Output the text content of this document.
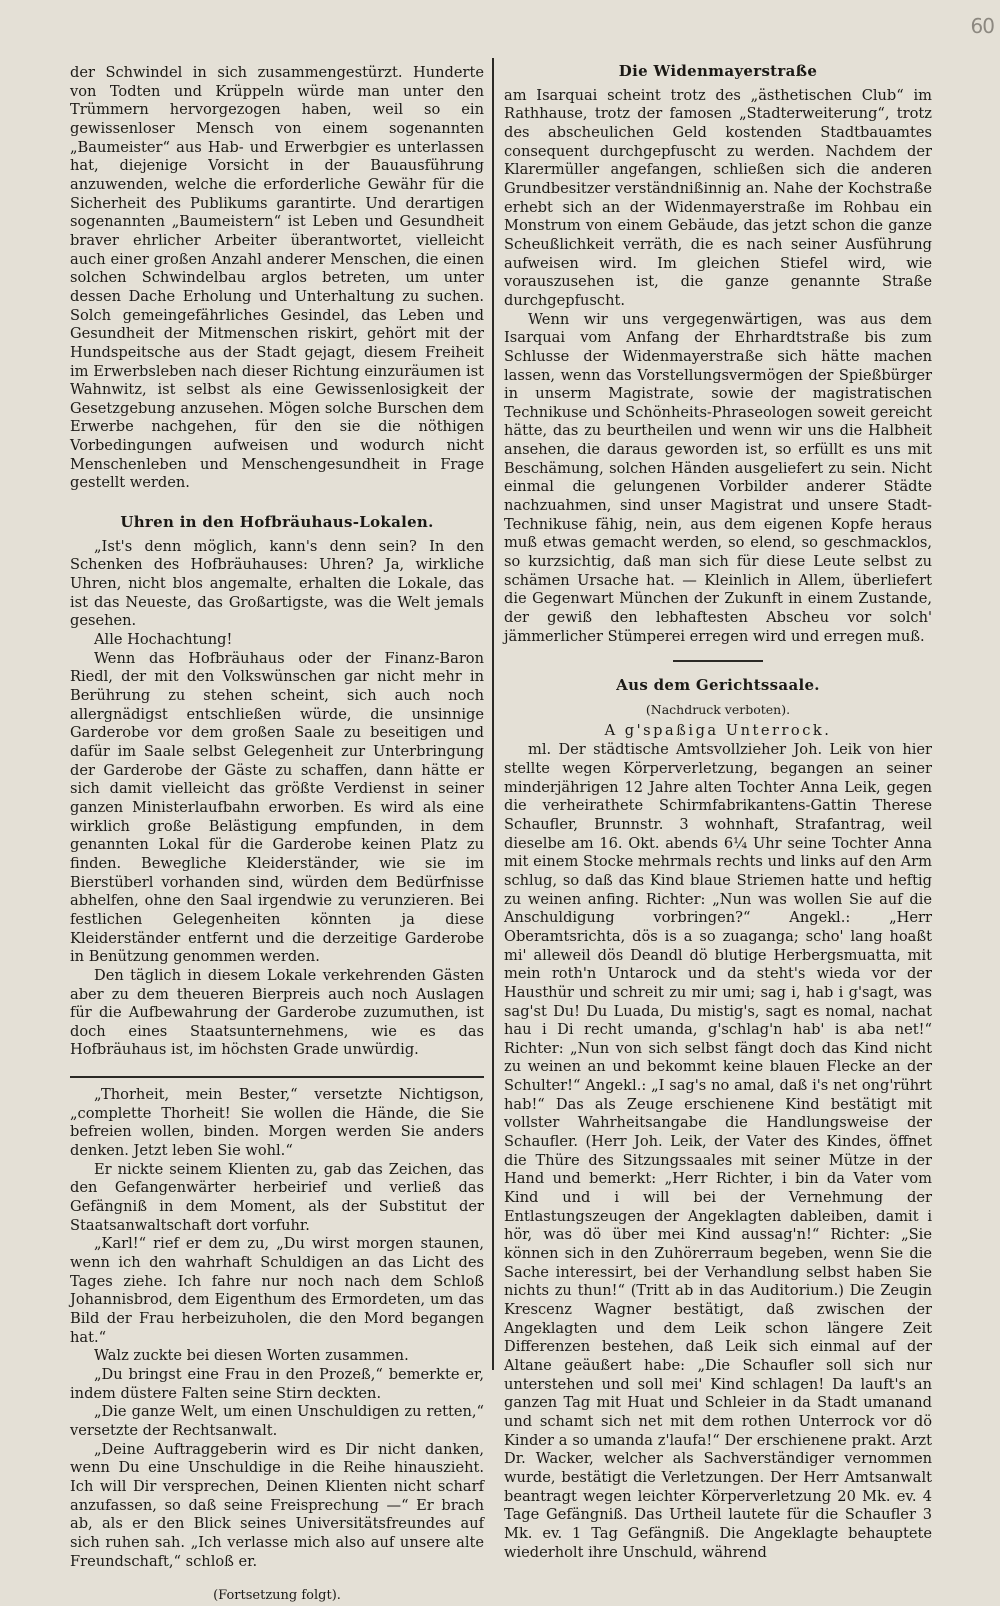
60

der Schwindel in sich zusammengestürzt. Hunderte von Todten und Krüppeln würde man unter den Trümmern hervorgezogen haben, weil so ein gewissenloser Mensch von einem sogenannten „Baumeister“ aus Hab- und Erwerbgier es unterlassen hat, diejenige Vorsicht in der Bauausführung anzuwenden, welche die erforderliche Gewähr für die Sicherheit des Publikums garantirte. Und derartigen sogenannten „Baumeistern“ ist Leben und Gesundheit braver ehrlicher Arbeiter überantwortet, vielleicht auch einer großen Anzahl anderer Menschen, die einen solchen Schwindelbau arglos betreten, um unter dessen Dache Erholung und Unterhaltung zu suchen. Solch gemeingefährliches Gesindel, das Leben und Gesundheit der Mitmenschen riskirt, gehört mit der Hundspeitsche aus der Stadt gejagt, diesem Freiheit im Erwerbsleben nach dieser Richtung einzuräumen ist Wahnwitz, ist selbst als eine Gewissenlosigkeit der Gesetzgebung anzusehen. Mögen solche Burschen dem Erwerbe nachgehen, für den sie die nöthigen Vorbedingungen aufweisen und wodurch nicht Menschenleben und Menschengesundheit in Frage gestellt werden.

Uhren in den Hofbräuhaus-Lokalen.

„Ist's denn möglich, kann's denn sein? In den Schenken des Hofbräuhauses: Uhren? Ja, wirkliche Uhren, nicht blos angemalte, erhalten die Lokale, das ist das Neueste, das Großartigste, was die Welt jemals gesehen.

Alle Hochachtung!

Wenn das Hofbräuhaus oder der Finanz-Baron Riedl, der mit den Volkswünschen gar nicht mehr in Berührung zu stehen scheint, sich auch noch allergnädigst entschließen würde, die unsinnige Garderobe vor dem großen Saale zu beseitigen und dafür im Saale selbst Gelegenheit zur Unterbringung der Garderobe der Gäste zu schaffen, dann hätte er sich damit vielleicht das größte Verdienst in seiner ganzen Ministerlaufbahn erworben. Es wird als eine wirklich große Belästigung empfunden, in dem genannten Lokal für die Garderobe keinen Platz zu finden. Bewegliche Kleiderständer, wie sie im Bierstüberl vorhanden sind, würden dem Bedürfnisse abhelfen, ohne den Saal irgendwie zu verunzieren. Bei festlichen Gelegenheiten könnten ja diese Kleiderständer entfernt und die derzeitige Garderobe in Benützung genommen werden.

Den täglich in diesem Lokale verkehrenden Gästen aber zu dem theueren Bierpreis auch noch Auslagen für die Aufbewahrung der Garderobe zuzumuthen, ist doch eines Staatsunternehmens, wie es das Hofbräuhaus ist, im höchsten Grade unwürdig.

„Thorheit, mein Bester,“ versetzte Nichtigson, „complette Thorheit! Sie wollen die Hände, die Sie befreien wollen, binden. Morgen werden Sie anders denken. Jetzt leben Sie wohl.“

Er nickte seinem Klienten zu, gab das Zeichen, das den Gefangenwärter herbeirief und verließ das Gefängniß in dem Moment, als der Substitut der Staatsanwaltschaft dort vorfuhr.

„Karl!“ rief er dem zu, „Du wirst morgen staunen, wenn ich den wahrhaft Schuldigen an das Licht des Tages ziehe. Ich fahre nur noch nach dem Schloß Johannisbrod, dem Eigenthum des Ermordeten, um das Bild der Frau herbeizuholen, die den Mord begangen hat.“

Walz zuckte bei diesen Worten zusammen.

„Du bringst eine Frau in den Prozeß,“ bemerkte er, indem düstere Falten seine Stirn deckten.

„Die ganze Welt, um einen Unschuldigen zu retten,“ versetzte der Rechtsanwalt.

„Deine Auftraggeberin wird es Dir nicht danken, wenn Du eine Unschuldige in die Reihe hinauszieht. Ich will Dir versprechen, Deinen Klienten nicht scharf anzufassen, so daß seine Freisprechung —“ Er brach ab, als er den Blick seines Universitätsfreundes auf sich ruhen sah. „Ich verlasse mich also auf unsere alte Freundschaft,“ schloß er.

(Fortsetzung folgt).
Die Widenmayerstraße

am Isarquai scheint trotz des „ästhetischen Club“ im Rathhause, trotz der famosen „Stadterweiterung“, trotz des abscheulichen Geld kostenden Stadtbauamtes consequent durchgepfuscht zu werden. Nachdem der Klarermüller angefangen, schließen sich die anderen Grundbesitzer verständnißinnig an. Nahe der Kochstraße erhebt sich an der Widenmayerstraße im Rohbau ein Monstrum von einem Gebäude, das jetzt schon die ganze Scheußlichkeit verräth, die es nach seiner Ausführung aufweisen wird. Im gleichen Stiefel wird, wie vorauszusehen ist, die ganze genannte Straße durchgepfuscht.

Wenn wir uns vergegenwärtigen, was aus dem Isarquai vom Anfang der Ehrhardtstraße bis zum Schlusse der Widenmayerstraße sich hätte machen lassen, wenn das Vorstellungsvermögen der Spießbürger in unserm Magistrate, sowie der magistratischen Technikuse und Schönheits-Phraseologen soweit gereicht hätte, das zu beurtheilen und wenn wir uns die Halbheit ansehen, die daraus geworden ist, so erfüllt es uns mit Beschämung, solchen Händen ausgeliefert zu sein. Nicht einmal die gelungenen Vorbilder anderer Städte nachzuahmen, sind unser Magistrat und unsere Stadt-Technikuse fähig, nein, aus dem eigenen Kopfe heraus muß etwas gemacht werden, so elend, so geschmacklos, so kurzsichtig, daß man sich für diese Leute selbst zu schämen Ursache hat. — Kleinlich in Allem, überliefert die Gegenwart München der Zukunft in einem Zustande, der gewiß den lebhaftesten Abscheu vor solch' jämmerlicher Stümperei erregen wird und erregen muß.

Aus dem Gerichtssaale.
(Nachdruck verboten).
A g'spaßiga Unterrock.

ml. Der städtische Amtsvollzieher Joh. Leik von hier stellte wegen Körperverletzung, begangen an seiner minderjährigen 12 Jahre alten Tochter Anna Leik, gegen die verheirathete Schirmfabrikantens-Gattin Therese Schaufler, Brunnstr. 3 wohnhaft, Strafantrag, weil dieselbe am 16. Okt. abends 6¼ Uhr seine Tochter Anna mit einem Stocke mehrmals rechts und links auf den Arm schlug, so daß das Kind blaue Striemen hatte und heftig zu weinen anfing. Richter: „Nun was wollen Sie auf die Anschuldigung vorbringen?“ Angekl.: „Herr Oberamtsrichta, dös is a so zuaganga; scho' lang hoaßt mi' alleweil dös Deandl dö blutige Herbergsmuatta, mit mein roth'n Untarock und da steht's wieda vor der Hausthür und schreit zu mir umi; sag i, hab i g'sagt, was sag'st Du! Du Luada, Du mistig's, sagt es nomal, nachat hau i Di recht umanda, g'schlag'n hab' is aba net!“ Richter: „Nun von sich selbst fängt doch das Kind nicht zu weinen an und bekommt keine blauen Flecke an der Schulter!“ Angekl.: „I sag's no amal, daß i's net ong'rührt hab!“ Das als Zeuge erschienene Kind bestätigt mit vollster Wahrheitsangabe die Handlungsweise der Schaufler. (Herr Joh. Leik, der Vater des Kindes, öffnet die Thüre des Sitzungssaales mit seiner Mütze in der Hand und bemerkt: „Herr Richter, i bin da Vater vom Kind und i will bei der Vernehmung der Entlastungszeugen der Angeklagten dableiben, damit i hör, was dö über mei Kind aussag'n!“ Richter: „Sie können sich in den Zuhörerraum begeben, wenn Sie die Sache interessirt, bei der Verhandlung selbst haben Sie nichts zu thun!“ (Tritt ab in das Auditorium.) Die Zeugin Krescenz Wagner bestätigt, daß zwischen der Angeklagten und dem Leik schon längere Zeit Differenzen bestehen, daß Leik sich einmal auf der Altane geäußert habe: „Die Schaufler soll sich nur unterstehen und soll mei' Kind schlagen! Da lauft's an ganzen Tag mit Huat und Schleier in da Stadt umanand und schamt sich net mit dem rothen Unterrock vor dö Kinder a so umanda z'laufa!“ Der erschienene prakt. Arzt Dr. Wacker, welcher als Sachverständiger vernommen wurde, bestätigt die Verletzungen. Der Herr Amtsanwalt beantragt wegen leichter Körperverletzung 20 Mk. ev. 4 Tage Gefängniß. Das Urtheil lautete für die Schaufler 3 Mk. ev. 1 Tag Gefängniß. Die Angeklagte behauptete wiederholt ihre Unschuld, während
